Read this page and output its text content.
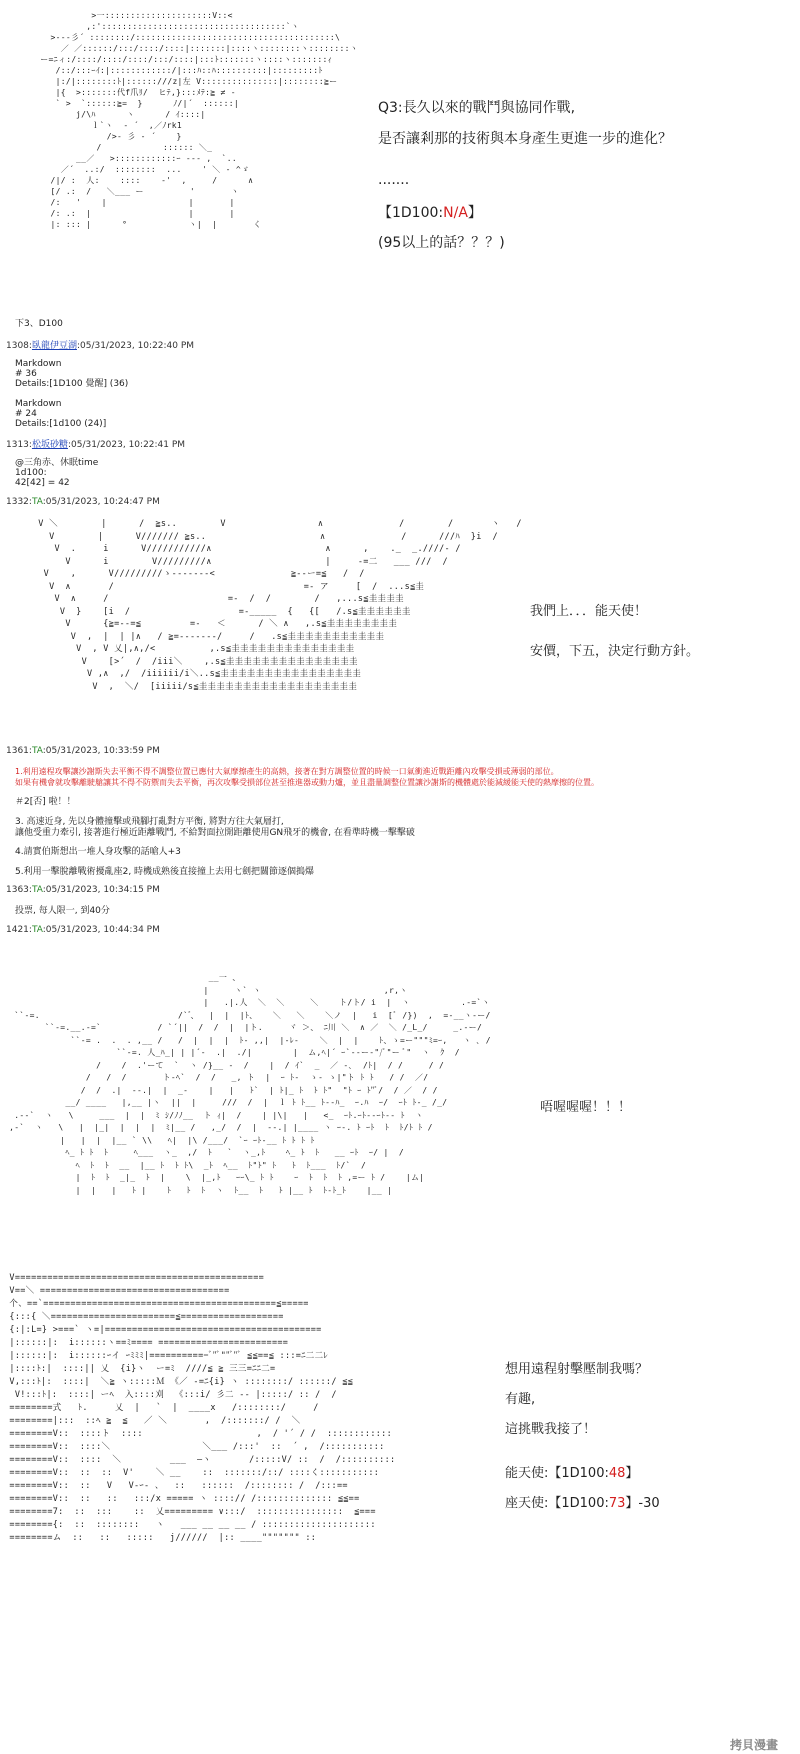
>一:::::::::::::::::::::V::<
,:'::::::::::::::::::::::::::::::::::::`ヽ
>---彡´ ::::::::/:::::::::::::::::::::::::::::::::::::::\
／ ／::::::/:::/::::/::::|:::::::|::::ヽ::::::::ヽ::::::::ヽ
ー=ﾆィ:/::::/::::/::::/:::/::::|:::ﾄ:::::::ヽ::::ヽ:::::::ｨ
/::/:::ｰｲ:|::::::::::::/|:::ﾊ::ﾊ::::::::::|:::::::::ﾄ
|:/|::::::::ﾄ|::::::///z|左 V:::::::::::::::|::::::::≧ー
|{  >:::::::代f爪ﾘ/  ヒﾃ,}:::ﾒﾃ:≧ ≠ -
` >  `::::::≧=  }      ﾉ/|´  ::::::|
j/\ﾊ      ヽ      / ｲ::::|
ｌ`ヽ  ‐ ´  ,／ﾉrk1
/>‐ 彡 ‐ ´    }
/            :::::: ＼_
__／   >::::::::::::ｰ ‐-- ,  `..
／´  ..:/  ::::::::  ...    ' ＼ ‐ ^ゞ
/|/ :  人:    ::::    -'  ,     /      ∧
[/ .:  /   ＼___ ー         '       ヽ
/:   '    |                |       |
/: .:  |                   |       |
|: ::: |      °            ヽ|  |       く
Q3:長久以來的戰鬥與協同作戰,
是否讓剎那的技術與本身產生更進一步的進化？
.......
【1D100:N/A】
(95以上的話？？？)
下3、D100
1308:臥龍伊豆湖:05/31/2023, 10:22:40 PM
Markdown
# 36
Details:[1D100 覺醒] (36)
Markdown
# 24
Details:[1d100 (24)]
1313:松坂砂糖:05/31/2023, 10:22:41 PM
@三角赤、休眠time
1d100:
42[42] = 42
1332:TA:05/31/2023, 10:24:47 PM
V ＼        |      /  ≧s..        V                 ∧              /        /       ヽ   /
V        |      V/////// ≧s..                     ∧              /      ///ﾊ  }i  /
V  .     i      V///////////∧                     ∧      ,    ._  _.////- /
V      i        V/////////∧                     |     -=二   ___ ///  /
V    ,      V/////////ゝ-------<              ≧--ー=≦   /  /
V  ∧       /                                   =- ア     [  /  ...s≦圭
V  ∧     /                      =-  /  /        /   ,...s≦圭圭圭圭
V  }    [i  /                    =-_____  {   {[   /.s≦圭圭圭圭圭圭
V      {≧=--=≦         =-   ＜      / ＼ ∧   ,.s≦圭圭圭圭圭圭圭圭
V  ,  |  | |∧   / ≧=-------/     /   .s≦圭圭圭圭圭圭圭圭圭圭圭
V  , V 乂|,∧,/<          ,.s≦圭圭圭圭圭圭圭圭圭圭圭圭圭圭
V    [>´  /  /iii＼    ,.s≦圭圭圭圭圭圭圭圭圭圭圭圭圭圭圭
V ,∧  ,/  /iiiiii/i＼..s≦圭圭圭圭圭圭圭圭圭圭圭圭圭圭圭圭
V  ,  ＼/  [iiiii/s≦圭圭圭圭圭圭圭圭圭圭圭圭圭圭圭圭圭圭
我們上．．．能天使！
安價，下五，決定行動方針。
1361:TA:05/31/2023, 10:33:59 PM
1.利用遠程攻擊讓沙謝斯失去平衡不得不調整位置已應付大氣摩擦產生的高熱，接著在對方調整位置的時候一口氣衝進近戰距離內攻擊受損或薄弱的部位。
如果有機會就攻擊離駛艙讓其不得不防禦而失去平衡，再次攻擊受損部位甚至推進器或動力爐，並且盡量調整位置讓沙謝斯的機體處於能減緩能天使的熱摩擦的位置。
＃2[否] 啦！！
3. 高速近身, 先以身體撞擊或飛腳打亂對方平衡, 將對方往大氣層打,
讓他受重力牽引, 接著進行極近距離戰鬥, 不給對面拉開距離使用GN飛牙的機會, 在看準時機一擊擊破
4.請實伯斯想出一堆人身攻擊的話嗆人+3
5.利用一擊脫離戰術擾亂座2, 時機成熟後直接撞上去用七劍把關節逐個搗爆
1363:TA:05/31/2023, 10:34:15 PM
投票, 每人限一, 到40分
1421:TA:05/31/2023, 10:44:34 PM
__一 、
|     ヽ` ヽ                        ,r,ヽ
|   .|.人  ＼  ＼     ＼    ト/ト/ i  |  ヽ          .-=`ヽ
``-=.                           /` ゙、  |  |  |ﾄ、   ＼   ＼    ＼ノ  |   i  [ﾞ /})  ,  =-__ヽ-ー/
``-=.__.-=`           / `´||  /  /  |  |ト.     ヾ ＞、 ﾆ川 ＼  ∧ ／  ＼ /_L_/     _.-ー/
``-= .  .  . ,__ /   /  |  |  |  ﾄ- ,,|  |-ﾚ-    ＼  |  |    ﾄ、ゝ=ー"""ﾐ=ｰ,   ヽ ､ /
``-=. 人_ﾊ_| | |´-  .|  ./|        |  ム,ﾍ|´ ｰ`-‐ー-"/ﾞ"ー ﾞ"  ヽ  ｸ  /
/    /  .'ーて  `  ヽ /}__ -  /    |  / ｲ`  _  ／ ‐､  /ﾄ|  / /     / /
/   /  /       ト-ﾍ`  /  /   _, ト  |  ｰ ﾄ-  ゝ- ゝ|"ト ﾄ ﾄ   / /  ／/
/  /  .|  --.|  |  _-    |   |   ﾄ`  | ﾄ|_ ﾄ  ﾄ ﾄ"  "ﾄ ｰ ﾄ"ﾞ/  / ／  / /
__/ ____   |,__ |ヽ  ||  |     ///  /  |  ｌ ﾄ ﾄ__ ﾄ--ﾊ_  ｰ.ﾊ  ｰ/  ｰﾄ ﾄ-_ /_/
.--`  ヽ   \     ___  |  |  ﾐ ｼ/ﾉﾉ__  ト ｨ|  /    | |\|   |   <_  ｰﾄ.ｰﾄ--ｰﾄ-- ﾄ  ヽ
,-`  ヽ   \   |  |_|  |  |  |  ﾐ|__ /   ,_/  /  |  --.| |____ ヽ ｰ-. ﾄ ｰﾄ  ﾄ  ﾄ/ﾄ ﾄ /
|   |  |  |__ ` \\   ﾍ|  |\ /___/  `ｰ ｰﾄ-__ ﾄ ﾄ ﾄ ﾄ
ﾍ_ ﾄ ﾄ  ﾄ     ﾍ___  ヽ_  ,/  ﾄ   `  ヽ_,ﾄ    ﾍ_ ﾄ  ﾄ   __ ｰﾄ  ｰ/ |  /
ﾍ  ﾄ  ﾄ  __  |__ ﾄ  ﾄ ﾄ\  _ﾄ  ﾍ__  ﾄ"ﾄ" ﾄ   ﾄ  ﾄ___  ﾄ/`  /
|  ﾄ  ﾄ  _|_  ﾄ  |    \  |_,ﾄ   ｰｰ\_ ﾄ ﾄ    ｰ  ﾄ  ﾄ  ﾄ ,=ー ﾄ /    |ム|
|  |   |   ﾄ |    ﾄ   ﾄ  ﾄ  ヽ  ﾄ__  ﾄ   ﾄ |__ ﾄ  ﾄ-ﾄ_ﾄ    |__ |
唔喔喔喔！！！
V==============================================
V==＼ ===================================
个、==`===========================================≦=====
{:::{ ＼=======================≦===================
{:|:L=} >===` ヽ=|========================================
|::::::|:  i::::::ヽ==ﾐ==== ========================
|::::::|:  i::::::ｰイ ｰﾐﾐﾐ|===========ﾞ"ﾞ""ﾞ"ﾞ ≦≦==≦ :::=ﾆ二二ﾚ
|::::ﾄ:|  ::::|| 乂  {i}ヽ  ー=ﾐ  ////≦ ≧ 三三=ﾆﾆ二=
V,:::ﾄ|:  ::::|  ＼≧ ヽ:::::Ｍ 《／ -=ﾆ{i} ヽ ::::::::/ ::::::/ ≦≦
V!:::ﾄ|:  ::::| ーﾍ  入::::刈  《:::i/ 彡二 ‐- |:::::/ :: /  /
========式   ﾄ.     乂  |   `  |  ____x   /::::::::/     /
========|:::  ::ﾍ ≧  ≦   ／ ＼       ,  /:::::::/ /  ＼
========V::  ::::ト  ::::                     ,  / '´ / /  ::::::::::::
========V::  ::::＼                 ＼___ /:::'  ::  ´ ,  /:::::::::::
========V::  ::::  ＼         ___  ―ヽ       /:::::V/ ::  /  /::::::::::
========V::  ::  ::  V'    ＼ __    ::  :::::::/::/ ::::く:::::::::::
========V::  ::   V   V‐ｰ‐ 、  ::   ::::::  /:::::::: /  /:::==
========V::  ::   ::   :::/x ===== ヽ ::::// /:::::::::::::: ≦≦==
========7:  ::  :::    ::  乂========= ∨:::/  ::::::::::::::::  ≦===
========{:  ::  ::::::::   ヽ   ___ __ __ __ / :::::::::::::::::::::
========ム  ::   ::   :::::   j//////  |:: ____""""""" ::
想用遠程射擊壓制我嗎？
有趣,
這挑戰我接了！
能天使:【1D100:48】
座天使:【1D100:73】-30
拷貝漫畫
